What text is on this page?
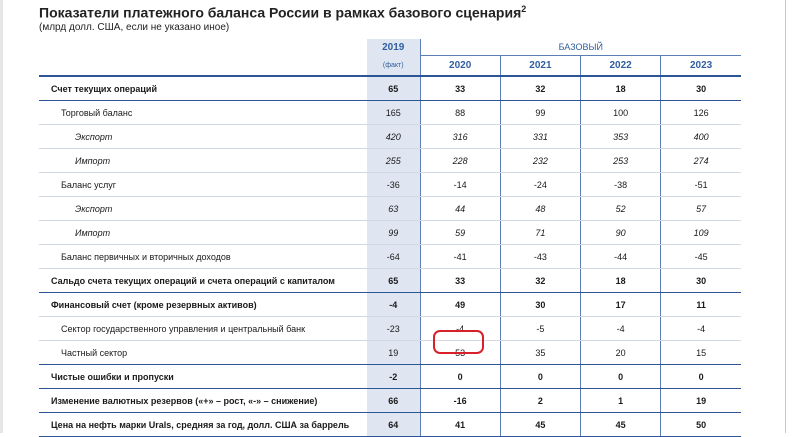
Показатели платежного баланса России в рамках базового сценария$^2$
(млрд долл. США, если не указано иное)
	2019	БАЗОВЫЙ			
	(факт)	2020	2021	2022	2023
Счет текущих операций	65	33	32	18	30
Торговый баланс	165	88	99	100	126
Экспорт	420	316	331	353	400
Импорт	255	228	232	253	274
Баланс услуг	-36	-14	-24	-38	-51
Экспорт	63	44	48	52	57
Импорт	99	59	71	90	109
Баланс первичных и вторичных доходов	-64	-41	-43	-44	-45
Сальдо счета текущих операций и счета операций с капиталом	65	33	32	18	30
Финансовый счет (кроме резервных активов)	-4	49	30	17	11
Сектор государственного управления и центральный банк	-23	-4	-5	-4	-4
Частный сектор	19	53	35	20	15
Чистые ошибки и пропуски	-2	0	0	0	0
Изменение валютных резервов («+» – рост, «-» – снижение)	66	-16	2	1	19
Цена на нефть марки Urals, средняя за год, долл. США за баррель	64	41	45	45	50
